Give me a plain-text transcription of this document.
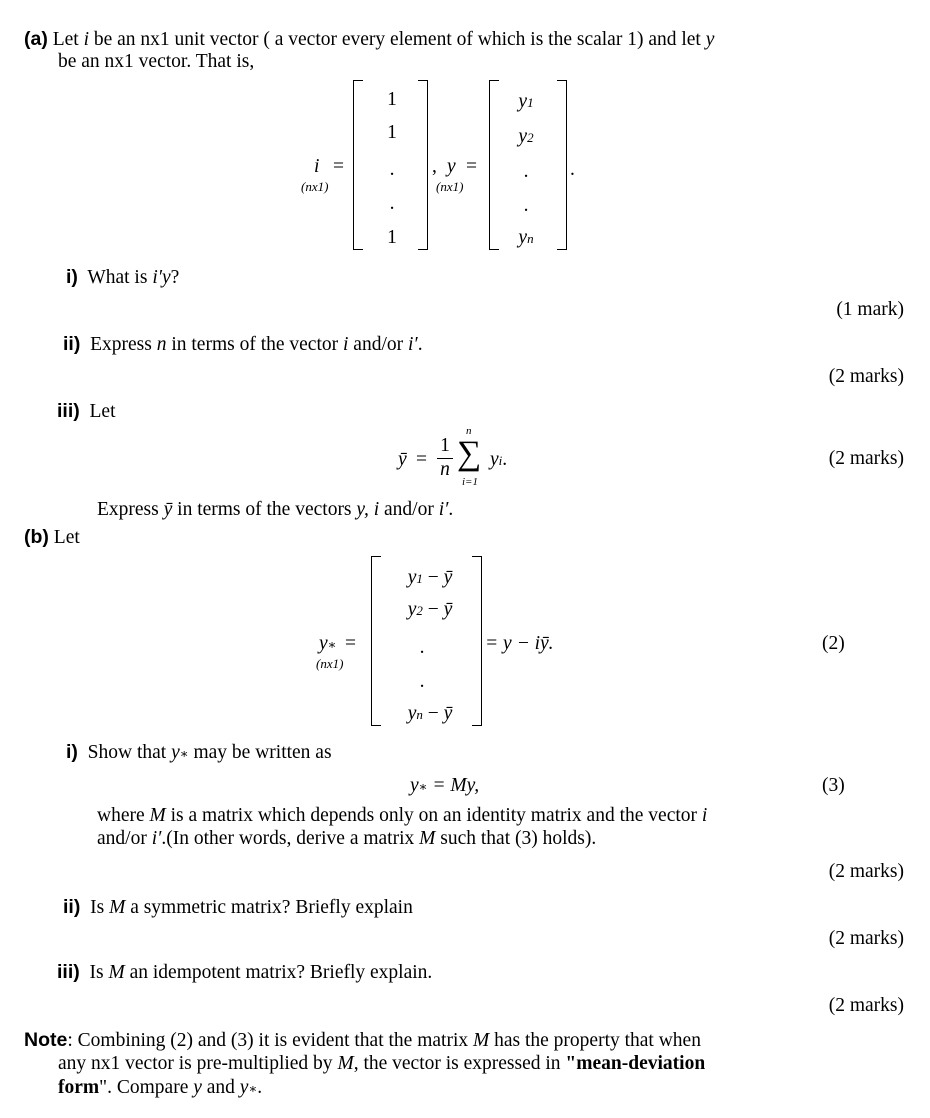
(a) Let i be an nx1 unit vector ( a vector every element of which is the scalar 1) and let y
be an nx1 vector. That is,
i =
(nx1)
1
1
.
.
1
, y =
(nx1)
y1
y2
.
.
yn
.
i) What is i′y?
(1 mark)
ii) Express n in terms of the vector i and/or i′.
(2 marks)
iii) Let
ȳ =
1
n
n
∑
i=1
yi.	(2 marks)
Express ȳ in terms of the vectors y, i and/or i′.
(b) Let
y∗ =
(nx1)
y1 − ȳ
y2 − ȳ
.
.
yn − ȳ
= y − iȳ.	(2)
i) Show that y∗ may be written as
y∗ = My,	(3)
where M is a matrix which depends only on an identity matrix and the vector i
and/or i′.(In other words, derive a matrix M such that (3) holds).
(2 marks)
ii) Is M a symmetric matrix? Briefly explain
(2 marks)
iii) Is M an idempotent matrix? Briefly explain.
(2 marks)
Note: Combining (2) and (3) it is evident that the matrix M has the property that when
any nx1 vector is pre-multiplied by M, the vector is expressed in "mean-deviation
form". Compare y and y∗.
